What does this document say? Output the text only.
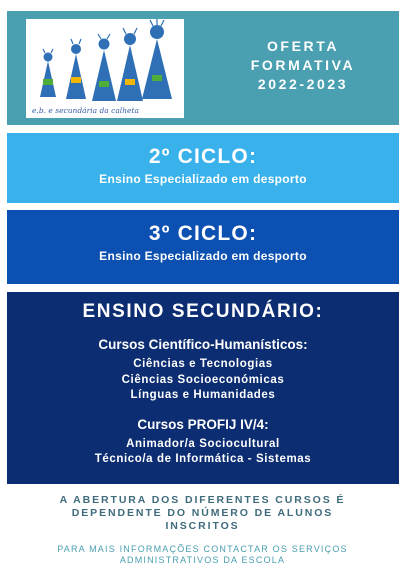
e.b. e secundária da calheta
OFERTA
FORMATIVA
2022-2023
2º CICLO:
Ensino Especializado em desporto
3º CICLO:
Ensino Especializado em desporto
ENSINO SECUNDÁRIO:
Cursos Científico-Humanísticos:
Ciências e Tecnologias
Ciências Socioeconómicas
Línguas e Humanidades
Cursos PROFIJ IV/4:
Animador/a Sociocultural
Técnico/a de Informática - Sistemas
A ABERTURA DOS DIFERENTES CURSOS É
DEPENDENTE DO NÚMERO DE ALUNOS
INSCRITOS
PARA MAIS INFORMAÇÕES CONTACTAR OS SERVIÇOS
ADMINISTRATIVOS DA ESCOLA
